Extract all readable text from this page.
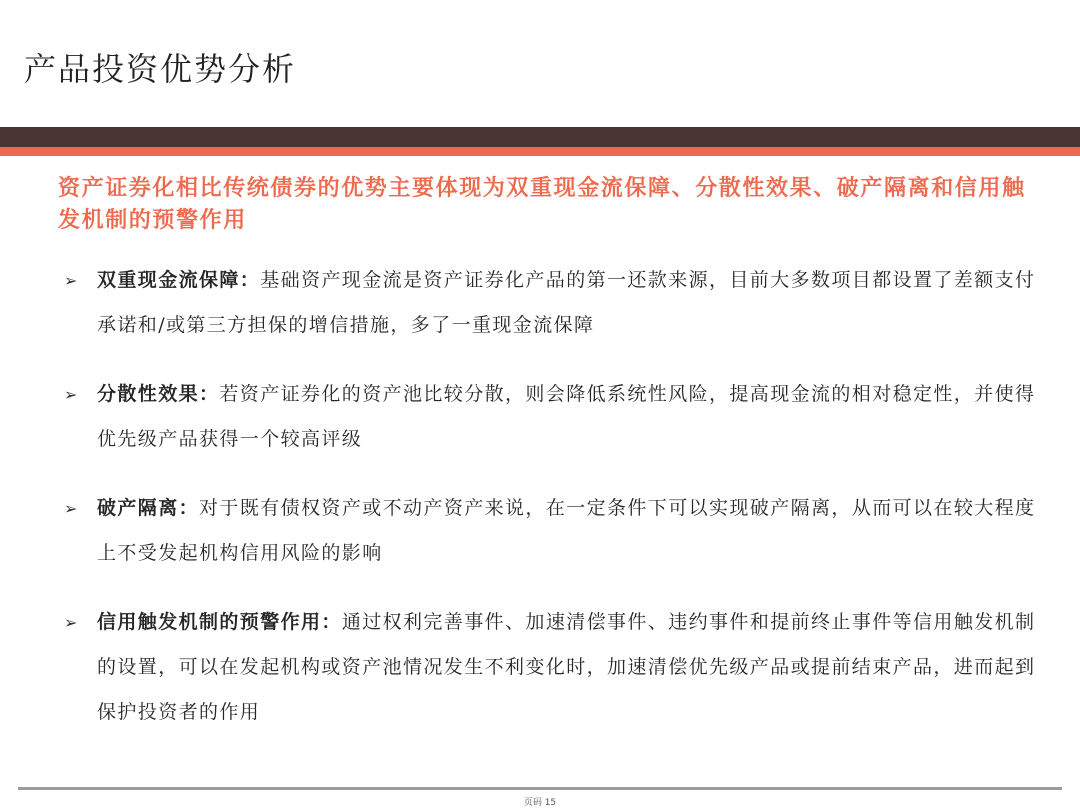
产品投资优势分析

资产证券化相比传统债券的优势主要体现为双重现金流保障、分散性效果、破产隔离和信用触发机制的预警作用

➢ 双重现金流保障：基础资产现金流是资产证券化产品的第一还款来源，目前大多数项目都设置了差额支付承诺和/或第三方担保的增信措施，多了一重现金流保障
➢ 分散性效果：若资产证券化的资产池比较分散，则会降低系统性风险，提高现金流的相对稳定性，并使得优先级产品获得一个较高评级
➢ 破产隔离：对于既有债权资产或不动产资产来说，在一定条件下可以实现破产隔离，从而可以在较大程度上不受发起机构信用风险的影响
➢ 信用触发机制的预警作用：通过权利完善事件、加速清偿事件、违约事件和提前终止事件等信用触发机制的设置，可以在发起机构或资产池情况发生不利变化时，加速清偿优先级产品或提前结束产品，进而起到保护投资者的作用
页码 15
